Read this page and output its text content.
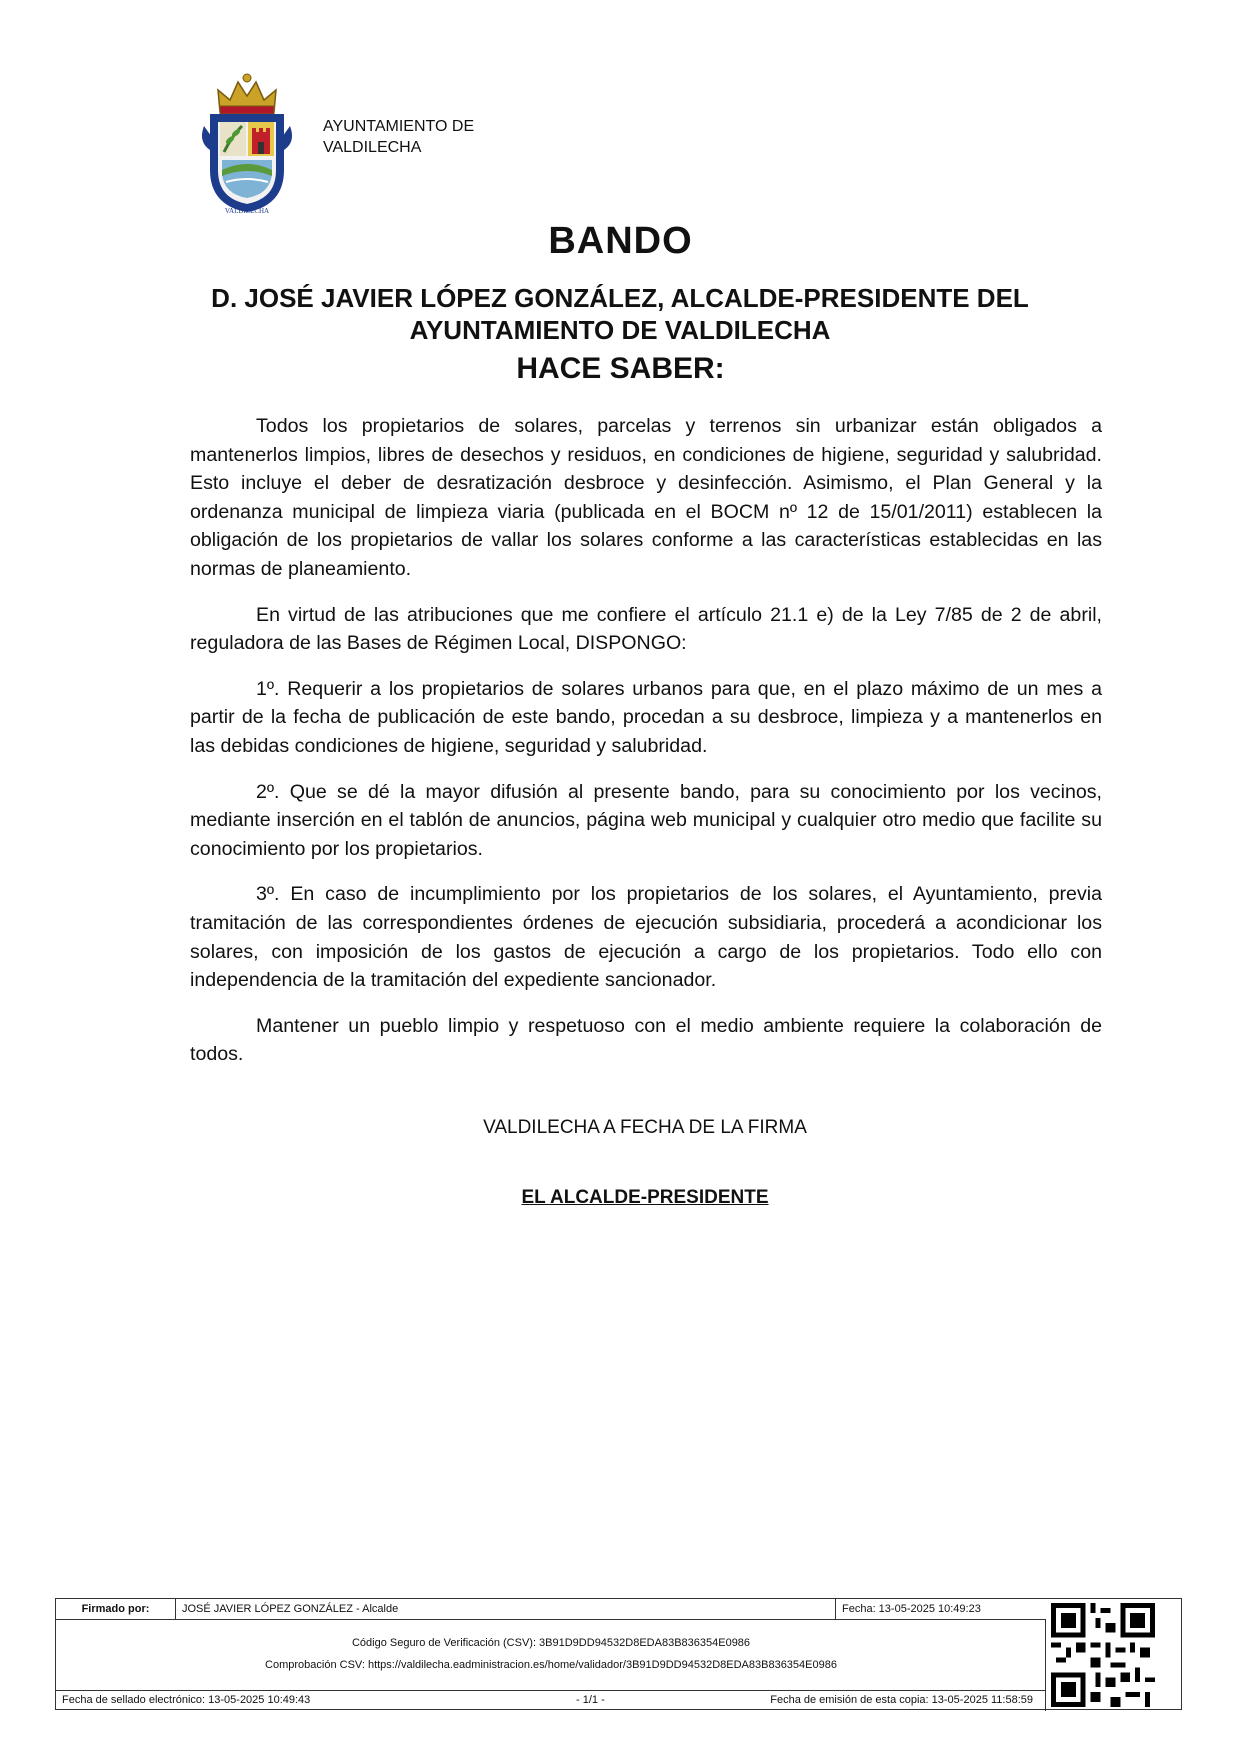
VALDILECHA
AYUNTAMIENTO DE
VALDILECHA
BANDO
D. JOSÉ JAVIER LÓPEZ GONZÁLEZ, ALCALDE-PRESIDENTE DEL AYUNTAMIENTO DE VALDILECHA
HACE SABER:

Todos los propietarios de solares, parcelas y terrenos sin urbanizar están obligados a mantenerlos limpios, libres de desechos y residuos, en condiciones de higiene, seguridad y salubridad. Esto incluye el deber de desratización desbroce y desinfección. Asimismo, el Plan General y la ordenanza municipal de limpieza viaria (publicada en el BOCM nº 12 de 15/01/2011) establecen la obligación de los propietarios de vallar los solares conforme a las características establecidas en las normas de planeamiento.

En virtud de las atribuciones que me confiere el artículo 21.1 e) de la Ley 7/85 de 2 de abril, reguladora de las Bases de Régimen Local, DISPONGO:

1º. Requerir a los propietarios de solares urbanos para que, en el plazo máximo de un mes a partir de la fecha de publicación de este bando, procedan a su desbroce, limpieza y a mantenerlos en las debidas condiciones de higiene, seguridad y salubridad.

2º. Que se dé la mayor difusión al presente bando, para su conocimiento por los vecinos, mediante inserción en el tablón de anuncios, página web municipal y cualquier otro medio que facilite su conocimiento por los propietarios.

3º. En caso de incumplimiento por los propietarios de los solares, el Ayuntamiento, previa tramitación de las correspondientes órdenes de ejecución subsidiaria, procederá a acondicionar los solares, con imposición de los gastos de ejecución a cargo de los propietarios. Todo ello con independencia de la tramitación del expediente sancionador.

Mantener un pueblo limpio y respetuoso con el medio ambiente requiere la colaboración de todos.

VALDILECHA A FECHA DE LA FIRMA
EL ALCALDE-PRESIDENTE
Firmado por:	JOSÉ JAVIER LÓPEZ GONZÁLEZ - Alcalde	Fecha: 13-05-2025 10:49:23
Código Seguro de Verificación (CSV): 3B91D9DD94532D8EDA83B836354E0986
Comprobación CSV: https://valdilecha.eadministracion.es/home/validador/3B91D9DD94532D8EDA83B836354E0986
Fecha de sellado electrónico: 13-05-2025 10:49:43	- 1/1 -	Fecha de emisión de esta copia: 13-05-2025 11:58:59
